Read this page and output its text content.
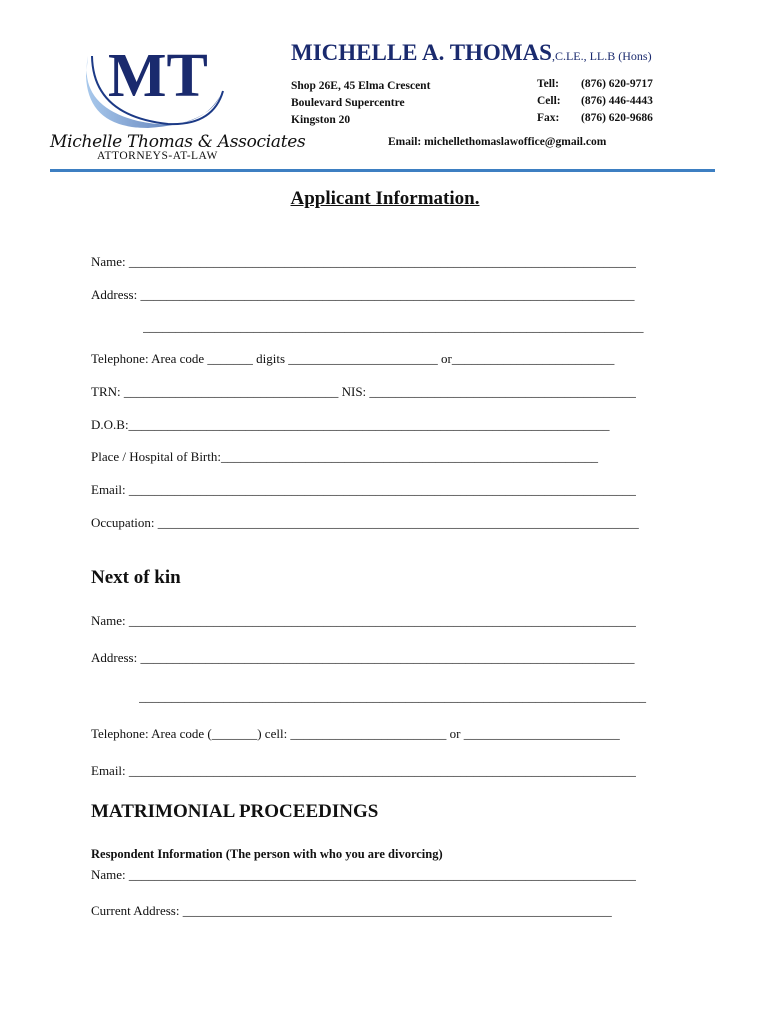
MT
Michelle Thomas & Associates
ATTORNEYS-AT-LAW
MICHELLE A. THOMAS,C.LE., LL.B (Hons)
Shop 26E, 45 Elma Crescent
Boulevard Supercentre
Kingston 20
Tell: (876) 620-9717
Cell: (876) 446-4443
Fax: (876) 620-9686
Email: michellethomaslawoffice@gmail.com
Applicant Information.
Name: ______________________________________________________________________________
Address: ____________________________________________________________________________
_____________________________________________________________________________
Telephone: Area code _______ digits _______________________ or_________________________
TRN: _________________________________ NIS: _________________________________________
D.O.B:__________________________________________________________________________
Place / Hospital of Birth:__________________________________________________________
Email: ______________________________________________________________________________
Occupation: __________________________________________________________________________
Next of kin
Name: ______________________________________________________________________________
Address: ____________________________________________________________________________
______________________________________________________________________________
Telephone: Area code (_______) cell: ________________________ or ________________________
Email: ______________________________________________________________________________
MATRIMONIAL PROCEEDINGS
Respondent Information (The person with who you are divorcing)
Name: ______________________________________________________________________________
Current Address: __________________________________________________________________
